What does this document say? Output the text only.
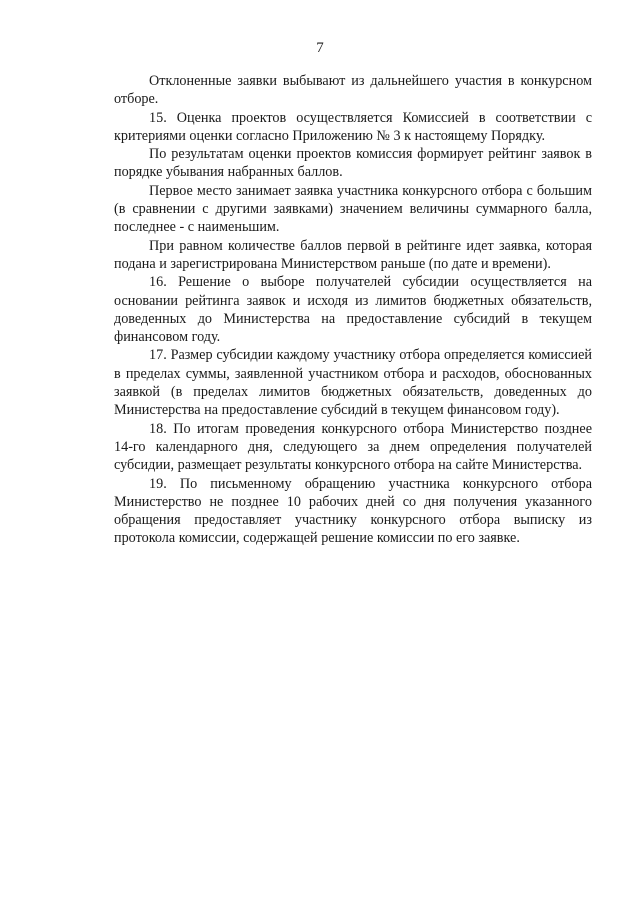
7

Отклоненные заявки выбывают из дальнейшего участия в конкурсном отборе.

15. Оценка проектов осуществляется Комиссией в соответствии с критериями оценки согласно Приложению № 3 к настоящему Порядку.

По результатам оценки проектов комиссия формирует рейтинг заявок в порядке убывания набранных баллов.

Первое место занимает заявка участника конкурсного отбора с большим (в сравнении с другими заявками) значением величины суммарного балла, последнее - с наименьшим.

При равном количестве баллов первой в рейтинге идет заявка, которая подана и зарегистрирована Министерством раньше (по дате и времени).

16. Решение о выборе получателей субсидии осуществляется на основании рейтинга заявок и исходя из лимитов бюджетных обязательств, доведенных до Министерства на предоставление субсидий в текущем финансовом году.

17. Размер субсидии каждому участнику отбора определяется комиссией в пределах суммы, заявленной участником отбора и расходов, обоснованных заявкой (в пределах лимитов бюджетных обязательств, доведенных до Министерства на предоставление субсидий в текущем финансовом году).

18. По итогам проведения конкурсного отбора Министерство позднее 14-го календарного дня, следующего за днем определения получателей субсидии, размещает результаты конкурсного отбора на сайте Министерства.

19. По письменному обращению участника конкурсного отбора Министерство не позднее 10 рабочих дней со дня получения указанного обращения предоставляет участнику конкурсного отбора выписку из протокола комиссии, содержащей решение комиссии по его заявке.
